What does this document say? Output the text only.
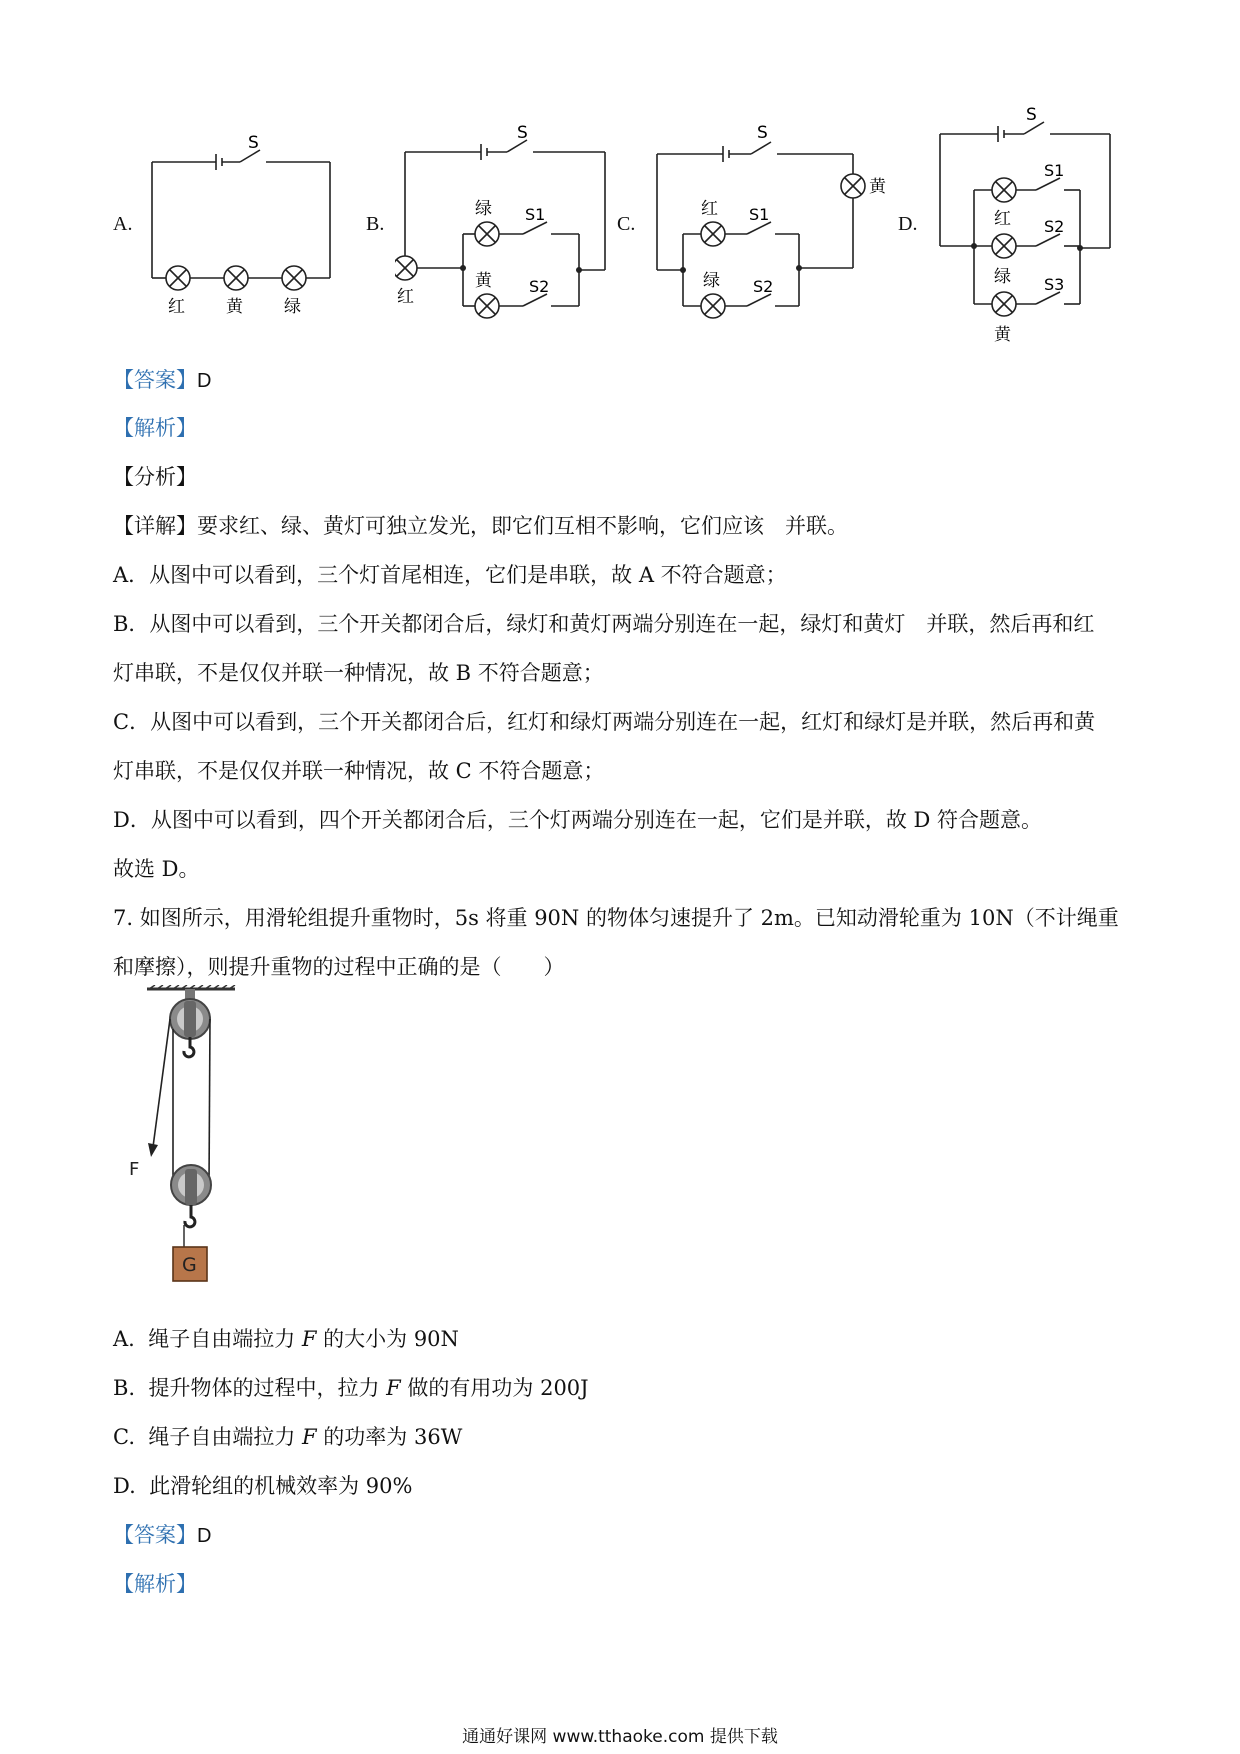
A.
S
红 黄 绿
B.
S
绿 S1
黄 S2
红
C.
S
黄
红 S1
绿 S2
D.
S
S1
红 S2
绿 S3
黄
【答案】D
【解析】
【分析】
【详解】要求红、绿、黄灯可独立发光，即它们互相不影响，它们应该　并联。
A．从图中可以看到，三个灯首尾相连，它们是串联，故 A 不符合题意；
B．从图中可以看到，三个开关都闭合后，绿灯和黄灯两端分别连在一起，绿灯和黄灯　并联，然后再和红
灯串联，不是仅仅并联一种情况，故 B 不符合题意；
C．从图中可以看到，三个开关都闭合后，红灯和绿灯两端分别连在一起，红灯和绿灯是并联，然后再和黄
灯串联，不是仅仅并联一种情况，故 C 不符合题意；
D．从图中可以看到，四个开关都闭合后，三个灯两端分别连在一起，它们是并联，故 D 符合题意。
故选 D。
7. 如图所示，用滑轮组提升重物时，5s 将重 90N 的物体匀速提升了 2m。已知动滑轮重为 10N（不计绳重
和摩擦），则提升重物的过程中正确的是（　　）
G
F
A. 绳子自由端拉力 F 的大小为 90N
B. 提升物体的过程中，拉力 F 做的有用功为 200J
C. 绳子自由端拉力 F 的功率为 36W
D. 此滑轮组的机械效率为 90%
【答案】D
【解析】
通通好课网 www.tthaoke.com 提供下载
